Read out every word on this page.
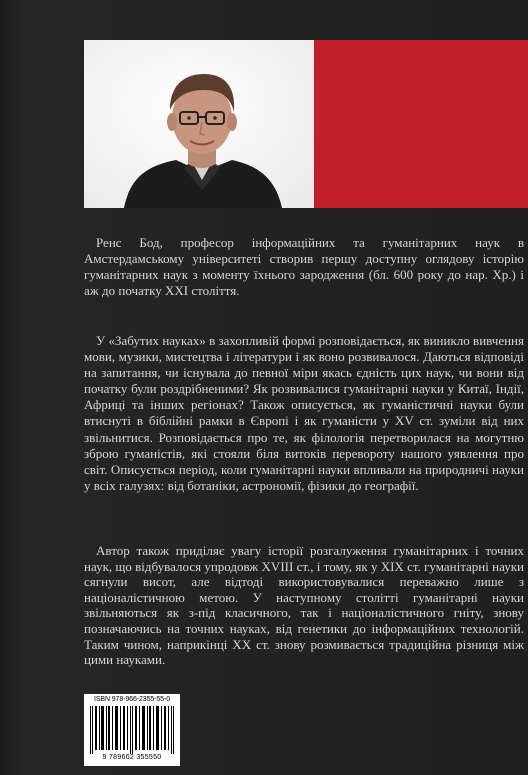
Ренс Бод, професор інформаційних та гуманітарних наук в Амстердамському університеті створив першу доступну оглядову історію гуманітарних наук з моменту їхнього зародження (бл. 600 року до нар. Хр.) і аж до початку XXI століття.

У «Забутих науках» в захопливій формі розповідається, як виникло вивчення мови, музики, мистецтва і літератури і як воно розвивалося. Даються відповіді на запитання, чи існувала до певної міри якась єдність цих наук, чи вони від початку були роздрібненими? Як розвивалися гуманітарні науки у Китаї, Індії, Африці та інших регіонах? Також описується, як гуманістичні науки були втиснуті в біблійні рамки в Європі і як гуманісти у XV ст. зуміли від них звільнитися. Розповідається про те, як філологія перетворилася на могутню зброю гуманістів, які стояли біля витоків перевороту нашого уявлення про світ. Описується період, коли гуманітарні науки впливали на природничі науки у всіх галузях: від ботаніки, астрономії, фізики до географії.

Автор також приділяє увагу історії розгалуження гуманітарних і точних наук, що відбувалося упродовж XVIII ст., і тому, як у XIX ст. гуманітарні науки сягнули висот, але відтоді використовувалися переважно лише з націоналістичною метою. У наступному столітті гуманітарні науки звільняються як з-під класичного, так і націоналістичного гніту, знову позначаючись на точних науках, від генетики до інформаційних технологій. Таким чином, наприкінці XX ст. знову розмивається традиційна різниця між цими науками.

ISBN 978-966-2355-55-0
9 789662 355550
